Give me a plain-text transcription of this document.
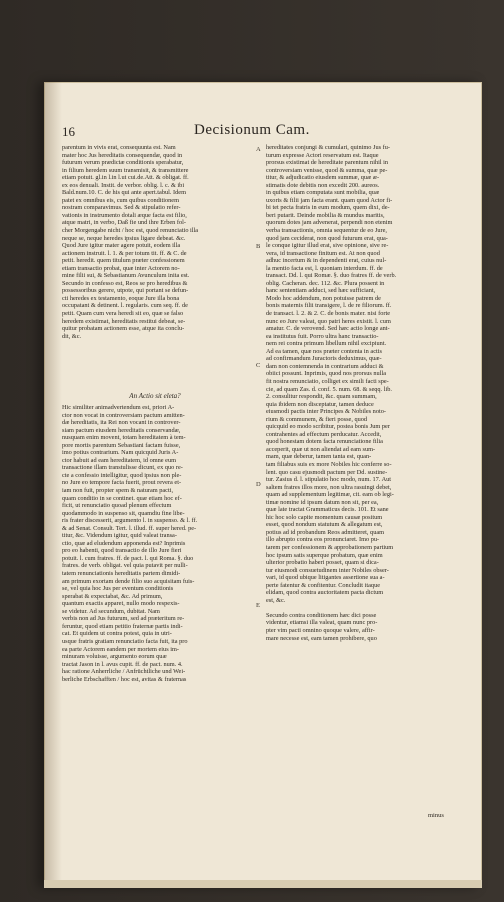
16	Decisionum Cam.

parentum in vivis erat, consequunta est. Nam
mater hoc Jus hereditatis consequendæ, quod in
futurum verum prædictæ conditionis sperabatur,
in filium heredem suum transmisit, & transmittere
etiam potuit. gl.in l.in l.ut cui.de.Att. & obligat. ff.
ex eos denuali. Instit. de verbor. oblig. l. c. & ibi
Bald.num.10. C. de his qui ante apert.tabul. Idem
patet ex omnibus eis, cum quibus conditionem
nostram comparavimus. Sed & stipulatio refer-
vationis in instrumento dotali æque facta est filio,
atque matri, in verbo, Daß fie und ihre Erben fol-
cher Morgengabe nicht / hoc est, quod renunciatio illa
neque se, neque heredes ipsius ligare debeat. &c.
Quod Jure igitur mater agere potuit, eodem illa
actionem instruit. l. 1. & per totum tit. ff. & C. de
petit. heredit. quem titulum præter confessionem
etiam transactio probat, quæ inter Actorem no-
mine filii sui, & Sebastianum Avunculum inita est.
Secundo in confesso est, Reos se pro heredibus &
possessoribus gerere, utpote, qui portant se defun-
cti heredes ex testamento, eoque Jure illa bona
occupatant & detinent. l. regularis. cum seq. ff. de
petit. Quam cum vera heredi sit eo, quæ se falso
heredem existimat, hereditatis restitui debeat, se-
quitur probatam actionem esse, atque ita conclu-
dit, &c.

An Actio sit eleta?

Hic similiter animadvertendum est, priori A-
ctor non vocat in controversiam pactum amitten-
dæ hereditatis, ita Rei non vocant in controver-
siam pactum eiusdem hereditatis conservandæ,
nusquam enim movent, totam hereditatem à tem-
pore mortis parentum Sebastiani factam fuisse,
imo potius contrarium. Nam quicquid Juris A-
ctor habuit ad eam hereditatem, id omne eum
transactione illam transtulisse dicunt, ex quo re-
cte a confessio intelligitur, quod ipsius non ple-
no Jure eo tempore facta fuerit, prout revera et-
iam non fuit, propter spem & naturam pacti,
quam conditio in se continet. quæ etiam hoc ef-
ficit, ut renunciatio quoad plenum effectum
quodammodo in suspenso sit, quamdiu fine libe-
ris frater discesserit, argumento l. in suspenso. & l. ff.
& ad Senat. Consult. Tert. l. illud. ff. super hered. pe-
titur, &c. Videndum igitur, quid valeat transa-
ctio, quæ ad eludendum apponenda est? Inprimis
pro eo habenti, quod transactio de illo Jure fieri
potuit. l. cum fratres. ff. de pact. l. qui Roma. §. duo
fratres. de verb. obligat. vel quia putavit per nulli-
tatem renunciationis hereditatis partem dimidi-
am primum exortam dende filio suo acquisitam fuis-
se, vel quia hoc Jus per eventum conditionis
sperabat & expectabat, &c. Ad primum,
quantum exactis apparet, nullo modo respexis-
se videtur. Ad secundum, dubitat. Nam
verbis non ad Jus futurum, sed ad præteritum re-
feruntur, quod etiam petitio fraternæ partis indi-
cat. Et quidem ut contra potest, quia in utri-
usque fratris gratiam renunciatio facta fuit, ita pro
ea parte Actorem eandem per mortem eius im-
minuram voluisse, argumento eorum quæ
tractat Jason in l. avus cupit. ff. de pact. num. 4.
hac ratione Anherrliche / Anfrüchtliche und Wei-
berliche Erbschafften / hoc est, avitas & fraternas

hereditates conjungi & cumulari, quinimo Jus fu-
turum expresse Actori reservatum est. Itaque
prorsus existimat de hereditate parentum nihil in
controversiam venisse, quod & summa, quæ pe-
titur, & adjudicatio eiusdem summæ, quæ æ-
stimatis dote debitis non excedit 200. aureos.
in quibus etiam computata sunt mobilia, quæ
uxoris & filii jam facta erant. quam quod Actor fi-
bi tet pecta fratris in eum modum, quem dixi, de-
beri putarit. Deinde mobilia & mundus maritis,
quorum dotes jam advenerat, perpendi non etenim
verba transactionis, omnia sequentur de eo Jure,
quod jam ceciderat, non quod futurum erat, qua-
le conque igitur illud erat, sive opinione, sive re-
vera, id transactione finitum est. At non quod
adhuc incertum & in dependenti erat, cuius nul-
la mentio facta est, l. quoniam interdum. ff. de
transact. Dd. l. qui Romæ. §. duo fratres ff. de verb.
oblig. Cacheran. dec. 112. &c. Plura possent in
hanc sententiam adduci, sed hæc sufficiant,
Modo hoc addendum, non potuisse patrem de
bonis maternis filii transigere, l. de re filiorum. ff.
de transact. l. 2. & 2. C. de bonis mater. nisi forte
nunc eo Jure valeat, quo patri heres existit. l. cum
amatur. C. de verovend. Sed hæc actio longe ant-
ea institutus fuit. Porro ultra hanc transactio-
nem rei contra primum libellum nihil excipiunt.
Ad ea tamen, quæ nos præter contenta in actis
ad confirmandum Juractoris deduximus, quæ-
dam non contemnenda in contrarium adduci &
obiici possunt. Inprimis, quod nos prorsus nulla
fit nostra renunciatio, colliget ex simili facti spe-
cie, ad quam Zas. d. conf. 5. num. 68. & seqq. lib.
2. consulitur respondit, &c. quam summam,
quia ibidem non disceptatur, tamen deduce
eiusmodi pactis inter Principes & Nobiles noto-
rium & communem, & fieri posse, quod
quicquid eo modo scribitur, postea bonis Jum per
contrahentes ad effectum perducatur. Accedit,
quod honestam dotem facta renunciatione filia
acceperit, quæ ut non aliendat ad eam sum-
mam, quæ deberur, tamen tanta est, quan-
tam filiabus suis ex more Nobiles hic conferre so-
lent. quo casu ejusmodi pactum per Dd. sustine-
tur. Zasius d. l. stipulatio hoc modo, num. 17. Aut
saltem fratres illos more, non ultra rasuingi debet,
quam ad supplementum legitimæ, cit. eam ob legi-
timæ nomine id ipsum datum non sit, per ea,
quæ late tractat Grammaticus decis. 101. Et sane
hic hoc solo capite momentum causæ positum
esset, quod nondum statutum & allegatum est,
potius ad id probandum Reos admitteret, quam
illo abrupto contra eos pronunciaret. Imo pu-
tarem per confessionem & approbationem partium
hoc ipsum satis superque probatum, quæ enim
ulterior probatio haberi posset, quam si dica-
tur eiusmodi consuetudinem inter Nobiles obser-
vari, id quod ubique litigantes assertione sua a-
perte fatentur & confitentur. Concludit itaque
elidam, quod contra auctoritatem pacta dictum
est, &c.

Secundo contra conditionem hæc dici posse
videntur, etiamsi illa valeat, quam nunc pro-
pter vim pacti omnino quoque valere, affir-
mare necesse est, eam tamen prohibere, quo

A
B
C
D
E
minus
